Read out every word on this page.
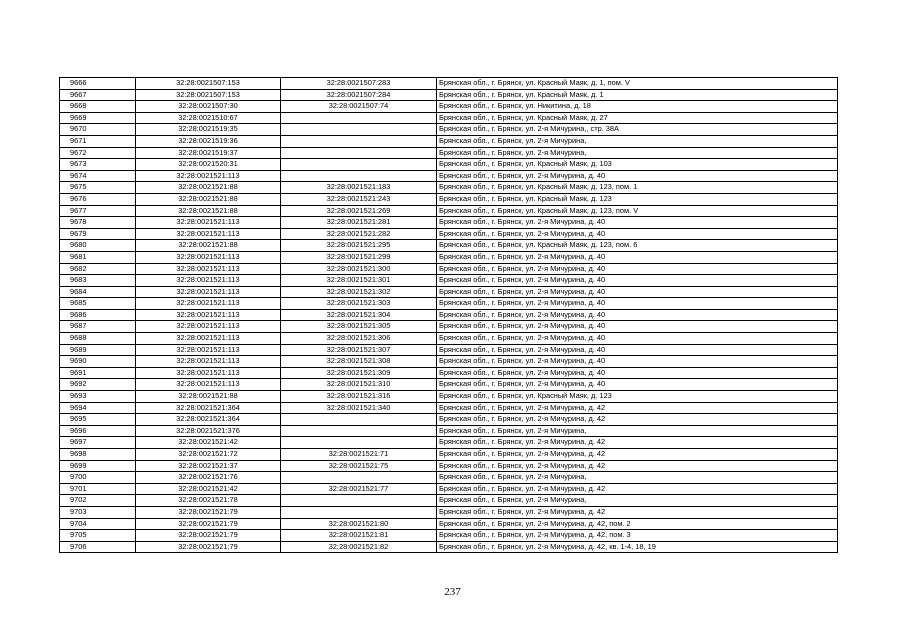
9666	32:28:0021507:153	32:28:0021507:283	Брянская обл., г. Брянск, ул. Красный Маяк, д. 1, пом. V
9667	32:28:0021507:153	32:28:0021507:284	Брянская обл., г. Брянск, ул. Красный Маяк, д. 1
9668	32:28:0021507:30	32:28:0021507:74	Брянская обл., г. Брянск, ул. Никитина, д. 18
9669	32:28:0021510:67		Брянская обл., г. Брянск, ул. Красный Маяк, д. 27
9670	32:28:0021519:35		Брянская обл., г. Брянск, ул. 2-я Мичурина,, стр. 38А
9671	32:28:0021519:36		Брянская обл., г. Брянск, ул. 2-я Мичурина,
9672	32:28:0021519:37		Брянская обл., г. Брянск, ул. 2-я Мичурина,
9673	32:28:0021520:31		Брянская обл., г. Брянск, ул. Красный Маяк, д. 103
9674	32:28:0021521:113		Брянская обл., г. Брянск, ул. 2-я Мичурина, д. 40
9675	32:28:0021521:88	32:28:0021521:183	Брянская обл., г. Брянск, ул. Красный Маяк, д. 123, пом. 1
9676	32:28:0021521:88	32:28:0021521:243	Брянская обл., г. Брянск, ул. Красный Маяк, д. 123
9677	32:28:0021521:88	32:28:0021521:269	Брянская обл., г. Брянск, ул. Красный Маяк, д. 123, пом. V
9678	32:28:0021521:113	32:28:0021521:281	Брянская обл., г. Брянск, ул. 2-я Мичурина, д. 40
9679	32:28:0021521:113	32:28:0021521:282	Брянская обл., г. Брянск, ул. 2-я Мичурина, д. 40
9680	32:28:0021521:88	32:28:0021521:295	Брянская обл., г. Брянск, ул. Красный Маяк, д. 123, пом. 6
9681	32:28:0021521:113	32:28:0021521:299	Брянская обл., г. Брянск, ул. 2-я Мичурина, д. 40
9682	32:28:0021521:113	32:28:0021521:300	Брянская обл., г. Брянск, ул. 2-я Мичурина, д. 40
9683	32:28:0021521:113	32:28:0021521:301	Брянская обл., г. Брянск, ул. 2-я Мичурина, д. 40
9684	32:28:0021521:113	32:28:0021521:302	Брянская обл., г. Брянск, ул. 2-я Мичурина, д. 40
9685	32:28:0021521:113	32:28:0021521:303	Брянская обл., г. Брянск, ул. 2-я Мичурина, д. 40
9686	32:28:0021521:113	32:28:0021521:304	Брянская обл., г. Брянск, ул. 2-я Мичурина, д. 40
9687	32:28:0021521:113	32:28:0021521:305	Брянская обл., г. Брянск, ул. 2-я Мичурина, д. 40
9688	32:28:0021521:113	32:28:0021521:306	Брянская обл., г. Брянск, ул. 2-я Мичурина, д. 40
9689	32:28:0021521:113	32:28:0021521:307	Брянская обл., г. Брянск, ул. 2-я Мичурина, д. 40
9690	32:28:0021521:113	32:28:0021521:308	Брянская обл., г. Брянск, ул. 2-я Мичурина, д. 40
9691	32:28:0021521:113	32:28:0021521:309	Брянская обл., г. Брянск, ул. 2-я Мичурина, д. 40
9692	32:28:0021521:113	32:28:0021521:310	Брянская обл., г. Брянск, ул. 2-я Мичурина, д. 40
9693	32:28:0021521:88	32:28:0021521:316	Брянская обл., г. Брянск, ул. Красный Маяк, д. 123
9694	32:28:0021521:364	32:28:0021521:340	Брянская обл., г. Брянск, ул. 2-я Мичурина, д. 42
9695	32:28:0021521:364		Брянская обл., г. Брянск, ул. 2-я Мичурина, д. 42
9696	32:28:0021521:376		Брянская обл., г. Брянск, ул. 2-я Мичурина,
9697	32:28:0021521:42		Брянская обл., г. Брянск, ул. 2-я Мичурина, д. 42
9698	32:28:0021521:72	32:28:0021521:71	Брянская обл., г. Брянск, ул. 2-я Мичурина, д. 42
9699	32:28:0021521:37	32:28:0021521:75	Брянская обл., г. Брянск, ул. 2-я Мичурина, д. 42
9700	32:28:0021521:76		Брянская обл., г. Брянск, ул. 2-я Мичурина,
9701	32:28:0021521:42	32:28:0021521:77	Брянская обл., г. Брянск, ул. 2-я Мичурина, д. 42
9702	32:28:0021521:78		Брянская обл., г. Брянск, ул. 2-я Мичурина,
9703	32:28:0021521:79		Брянская обл., г. Брянск, ул. 2-я Мичурина, д. 42
9704	32:28:0021521:79	32:28:0021521:80	Брянская обл., г. Брянск, ул. 2-я Мичурина, д. 42, пом. 2
9705	32:28:0021521:79	32:28:0021521:81	Брянская обл., г. Брянск, ул. 2-я Мичурина, д. 42, пом. 3
9706	32:28:0021521:79	32:28:0021521:82	Брянская обл., г. Брянск, ул. 2-я Мичурина, д. 42, кв. 1-4, 18, 19
237
